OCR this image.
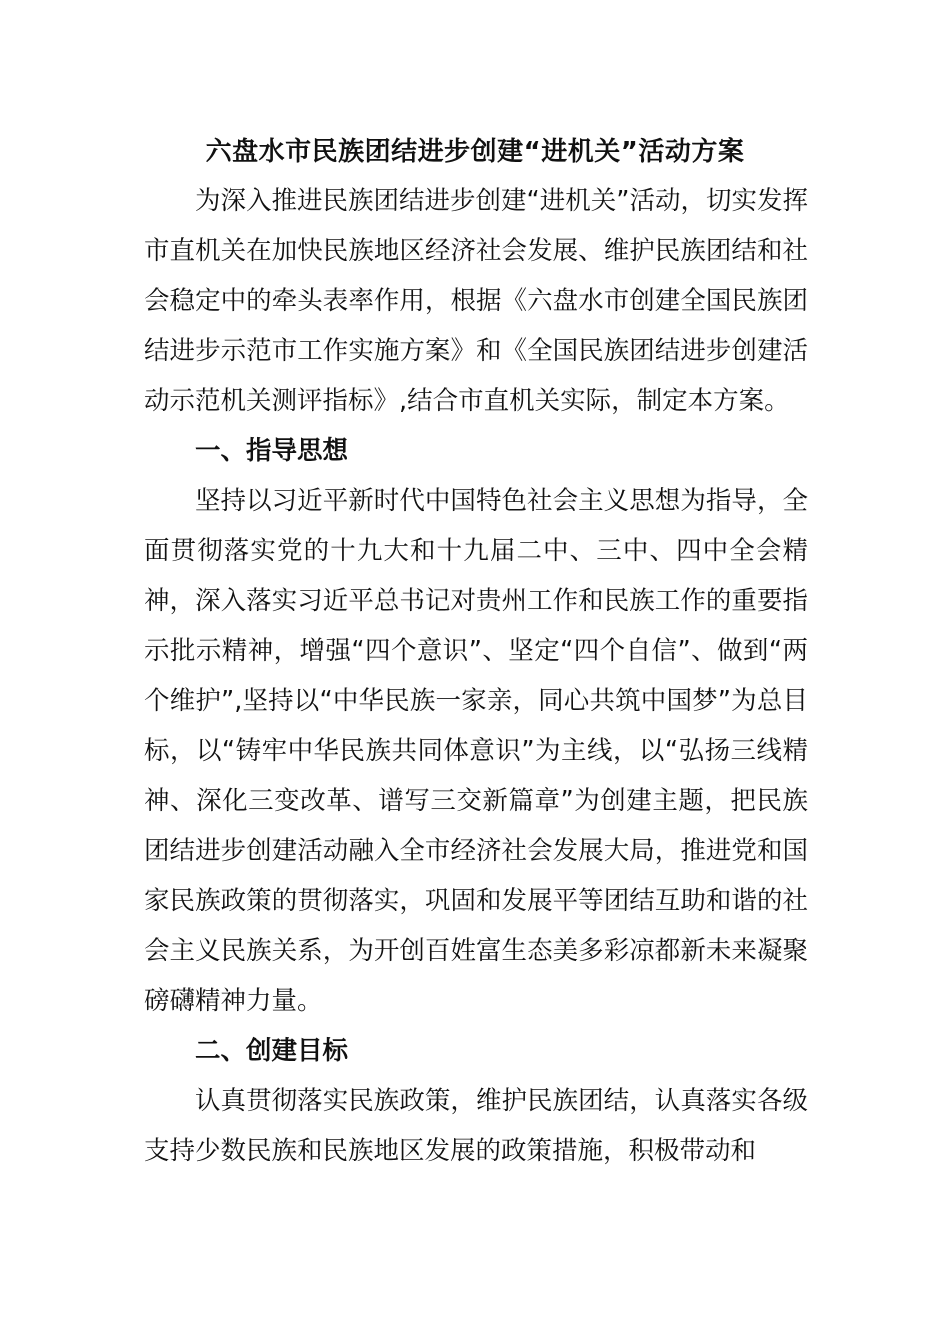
六盘水市民族团结进步创建“进机关”活动方案

为深入推进民族团结进步创建“进机关”活动，切实发挥市直机关在加快民族地区经济社会发展、维护民族团结和社会稳定中的牵头表率作用，根据《六盘水市创建全国民族团结进步示范市工作实施方案》和《全国民族团结进步创建活动示范机关测评指标》,结合市直机关实际，制定本方案。

一、指导思想

坚持以习近平新时代中国特色社会主义思想为指导，全面贯彻落实党的十九大和十九届二中、三中、四中全会精神，深入落实习近平总书记对贵州工作和民族工作的重要指示批示精神，增强“四个意识”、坚定“四个自信”、做到“两个维护”,坚持以“中华民族一家亲，同心共筑中国梦”为总目标，以“铸牢中华民族共同体意识”为主线，以“弘扬三线精神、深化三变改革、谱写三交新篇章”为创建主题，把民族团结进步创建活动融入全市经济社会发展大局，推进党和国家民族政策的贯彻落实，巩固和发展平等团结互助和谐的社会主义民族关系，为开创百姓富生态美多彩凉都新未来凝聚磅礴精神力量。

二、创建目标

认真贯彻落实民族政策，维护民族团结，认真落实各级支持少数民族和民族地区发展的政策措施，积极带动和
